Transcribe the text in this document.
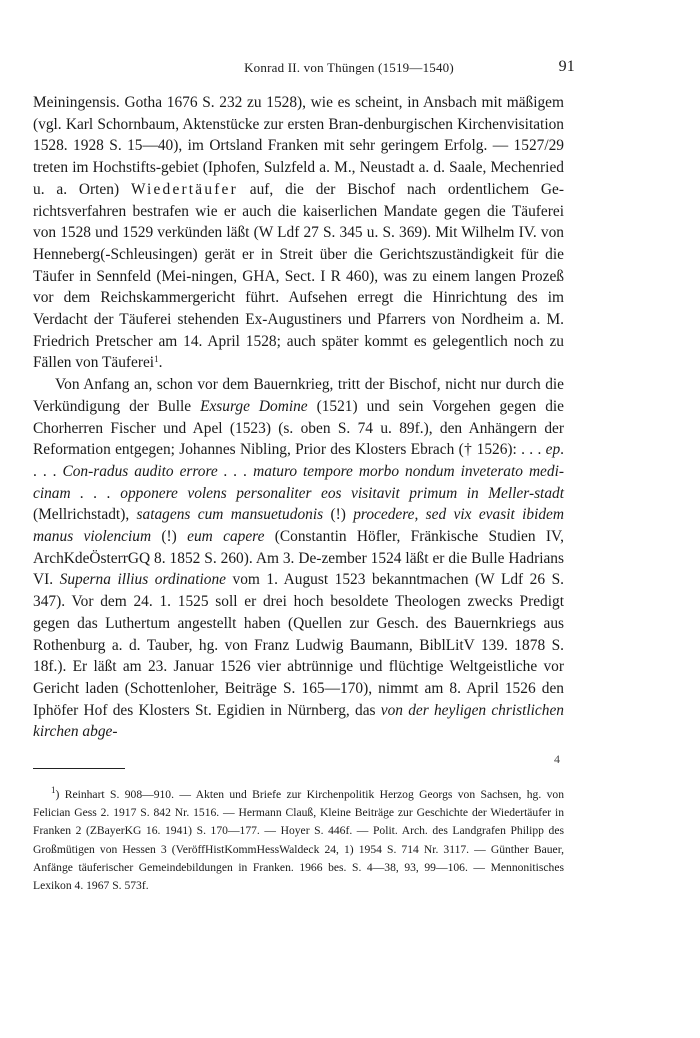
Konrad II. von Thüngen (1519—1540)	91

Meiningensis. Gotha 1676 S. 232 zu 1528), wie es scheint, in Ansbach mit mäßigem (vgl. Karl Schornbaum, Aktenstücke zur ersten Bran-denburgischen Kirchenvisitation 1528. 1928 S. 15—40), im Ortsland Franken mit sehr geringem Erfolg. — 1527/29 treten im Hochstifts-gebiet (Iphofen, Sulzfeld a. M., Neustadt a. d. Saale, Mechenried u. a. Orten) Wiedertäufer auf, die der Bischof nach ordentlichem Ge-richtsverfahren bestrafen wie er auch die kaiserlichen Mandate gegen die Täuferei von 1528 und 1529 verkünden läßt (W Ldf 27 S. 345 u. S. 369). Mit Wilhelm IV. von Henneberg(-Schleusingen) gerät er in Streit über die Gerichtszuständigkeit für die Täufer in Sennfeld (Mei-ningen, GHA, Sect. I R 460), was zu einem langen Prozeß vor dem Reichskammergericht führt. Aufsehen erregt die Hinrichtung des im Verdacht der Täuferei stehenden Ex-Augustiners und Pfarrers von Nordheim a. M. Friedrich Pretscher am 14. April 1528; auch später kommt es gelegentlich noch zu Fällen von Täuferei$^1$.

Von Anfang an, schon vor dem Bauernkrieg, tritt der Bischof, nicht nur durch die Verkündigung der Bulle Exsurge Domine (1521) und sein Vorgehen gegen die Chorherren Fischer und Apel (1523) (s. oben S. 74 u. 89f.), den Anhängern der Reformation entgegen; Johannes Nibling, Prior des Klosters Ebrach († 1526): . . . ep. . . . Con-radus audito errore . . . maturo tempore morbo nondum inveterato medi-cinam . . . opponere volens personaliter eos visitavit primum in Meller-stadt (Mellrichstadt), satagens cum mansuetudonis (!) procedere, sed vix evasit ibidem manus violencium (!) eum capere (Constantin Höfler, Fränkische Studien IV, ArchKdeÖsterrGQ 8. 1852 S. 260). Am 3. De-zember 1524 läßt er die Bulle Hadrians VI. Superna illius ordinatione vom 1. August 1523 bekanntmachen (W Ldf 26 S. 347). Vor dem 24. 1. 1525 soll er drei hoch besoldete Theologen zwecks Predigt gegen das Luthertum angestellt haben (Quellen zur Gesch. des Bauernkriegs aus Rothenburg a. d. Tauber, hg. von Franz Ludwig Baumann, BiblLitV 139. 1878 S. 18f.). Er läßt am 23. Januar 1526 vier abtrünnige und flüchtige Weltgeistliche vor Gericht laden (Schottenloher, Beiträge S. 165—170), nimmt am 8. April 1526 den Iphöfer Hof des Klosters St. Egidien in Nürnberg, das von der heyligen christlichen kirchen abge-

4

$^1$) Reinhart S. 908—910. — Akten und Briefe zur Kirchenpolitik Herzog Georgs von Sachsen, hg. von Felician Gess 2. 1917 S. 842 Nr. 1516. — Hermann Clauß, Kleine Beiträge zur Geschichte der Wiedertäufer in Franken 2 (ZBayerKG 16. 1941) S. 170—177. — Hoyer S. 446f. — Polit. Arch. des Landgrafen Philipp des Großmütigen von Hessen 3 (VeröffHistKommHessWaldeck 24, 1) 1954 S. 714 Nr. 3117. — Günther Bauer, Anfänge täuferischer Gemeindebildungen in Franken. 1966 bes. S. 4—38, 93, 99—106. — Mennonitisches Lexikon 4. 1967 S. 573f.
